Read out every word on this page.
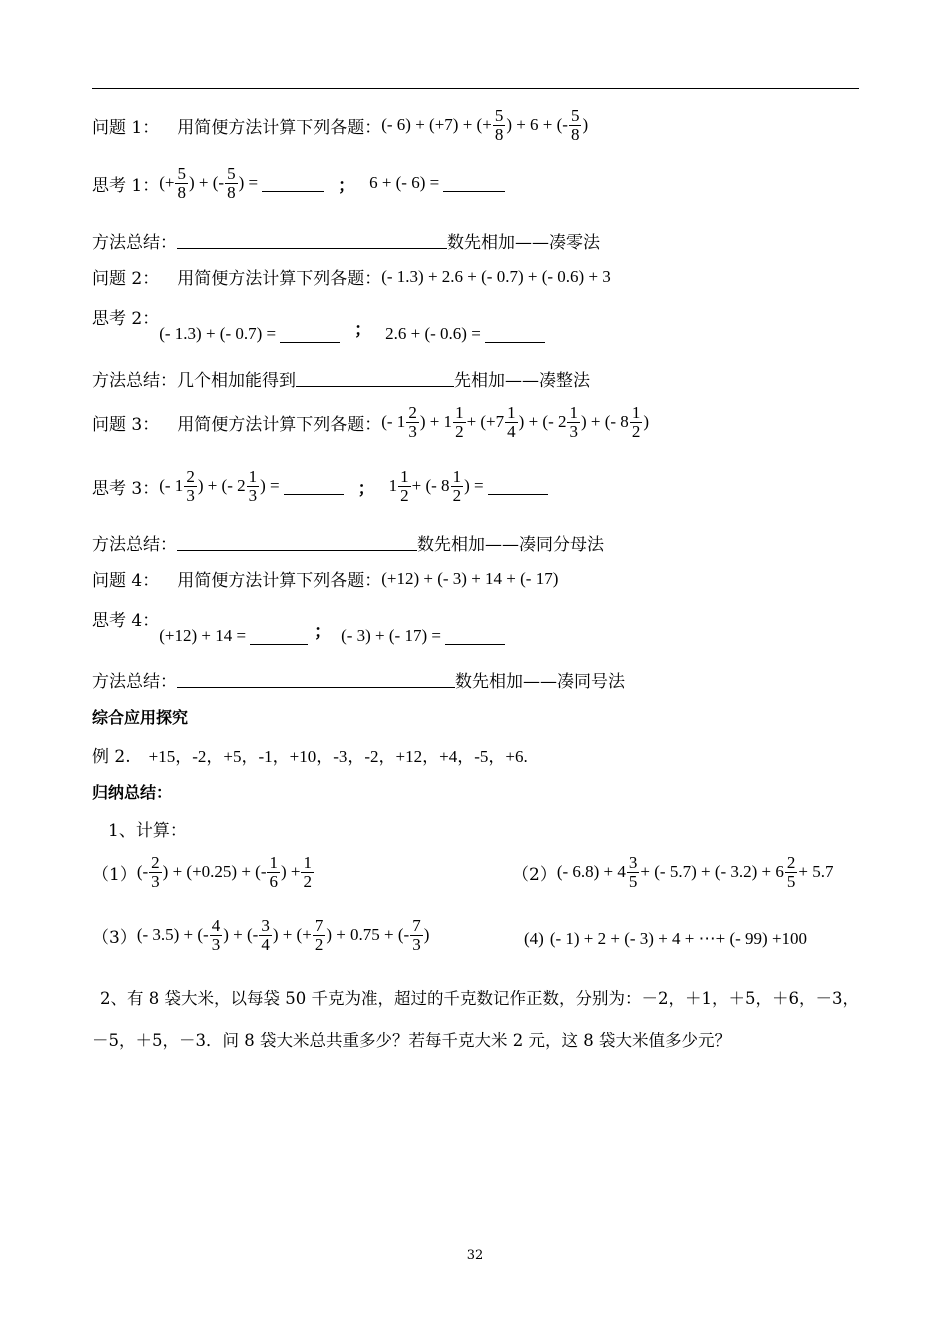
问题 1： 用简便方法计算下列各题： (- 6) + (+7) + (+ $\frac{5}{8}$ ) + 6 + (- $\frac{5}{8}$ )
思考 1： (+ $\frac{5}{8}$ ) + (- $\frac{5}{8}$ ) =	； 6 + (- 6) =
方法总结：	数先相加——凑零法
问题 2： 用简便方法计算下列各题： (- 1.3) + 2.6 + (- 0.7) + (- 0.6) + 3
思考 2：
(- 1.3) + (- 0.7) =	； 2.6 + (- 0.6) =
方法总结： 几个相加能得到	先相加——凑整法
问题 3： 用简便方法计算下列各题： (- $1 \frac{2}{3}$ ) + $1 \frac{1}{2} + (+7 \frac{1}{4}$ ) + (- $2 \frac{1}{3}$ ) + (- $8 \frac{1}{2}$ )
思考 3： (- $1 \frac{2}{3}$ ) + (- $2 \frac{1}{3}$ ) =	； $1 \frac{1}{2}$ + (- $8 \frac{1}{2}$ ) =
方法总结：	数先相加——凑同分母法
问题 4： 用简便方法计算下列各题： (+12) + (- 3) + 14 + (- 17)
思考 4：
(+12) + 14 =	； (- 3) + (- 17) =
方法总结：	数先相加——凑同号法
综合应用探究
例 2. +15，-2，+5，-1，+10，-3，-2，+12，+4，-5，+6.
归纳总结：
1、计算：
（1） (- $\frac{2}{3}$ ) + (+0.25) + (- $\frac{1}{6}$ ) + $\frac{1}{2}$	（2） (- $6.8) + 4 \frac{3}{5}$ + (- 5.7) + (- $3.2) + 6 \frac{2}{5} + 5.7$
（3） (- 3.5) + (- $\frac{4}{3}$ ) + (- $\frac{3}{4}$ ) + (+ $\frac{7}{2}$ ) + 0.75 + (- $\frac{7}{3}$ )	(4) (- 1) + 2 + (- 3) + 4 + ⋯+ (- 99) +100
2、有 8 袋大米，以每袋 50 千克为准，超过的千克数记作正数，分别为：－2，＋1，＋5，＋6，－3，－5，＋5，－3．问 8 袋大米总共重多少？若每千克大米 2 元，这 8 袋大米值多少元？
32
